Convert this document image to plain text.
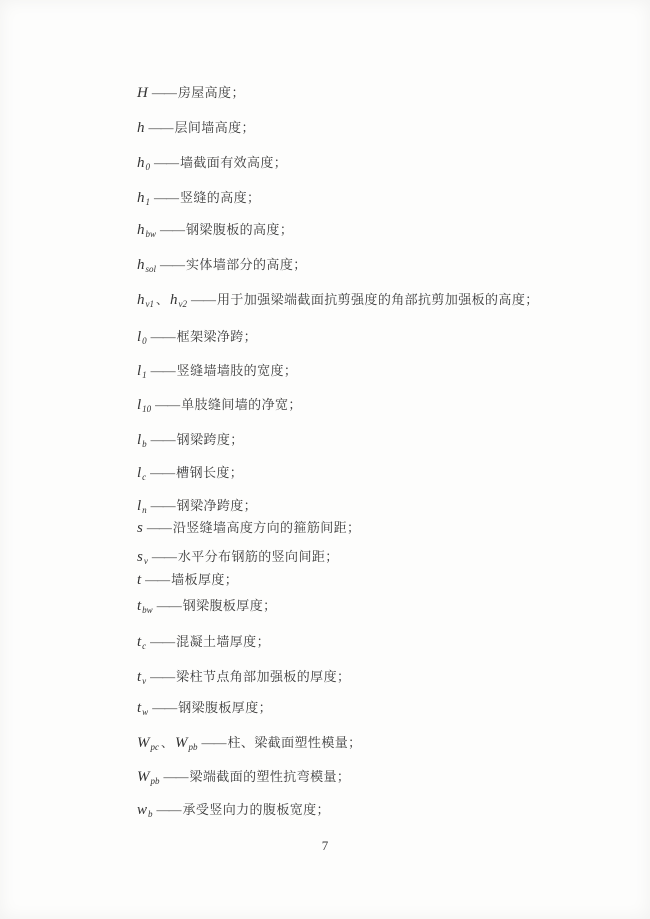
H —— 房屋高度；
h —— 层间墙高度；
$h_0$ —— 墙截面有效高度；
$h_1$ —— 竖缝的高度；
$h_{bw}$ —— 钢梁腹板的高度；
$h_{sol}$ —— 实体墙部分的高度；
$h_{v1}$ 、 $h_{v2}$ —— 用于加强梁端截面抗剪强度的角部抗剪加强板的高度；
$l_0$ —— 框架梁净跨；
$l_1$ —— 竖缝墙墙肢的宽度；
$l_{10}$ —— 单肢缝间墙的净宽；
$l_b$ —— 钢梁跨度；
$l_c$ —— 槽钢长度；
$l_n$ —— 钢梁净跨度；
s —— 沿竖缝墙高度方向的箍筋间距；
$s_v$ —— 水平分布钢筋的竖向间距；
t —— 墙板厚度；
$t_{bw}$ —— 钢梁腹板厚度；
$t_c$ —— 混凝土墙厚度；
$t_v$ —— 梁柱节点角部加强板的厚度；
$t_w$ —— 钢梁腹板厚度；
$W_{pc}$ 、 $W_{pb}$ —— 柱、梁截面塑性模量；
$W_{pb}$ —— 梁端截面的塑性抗弯模量；
$w_b$ —— 承受竖向力的腹板宽度；
7
